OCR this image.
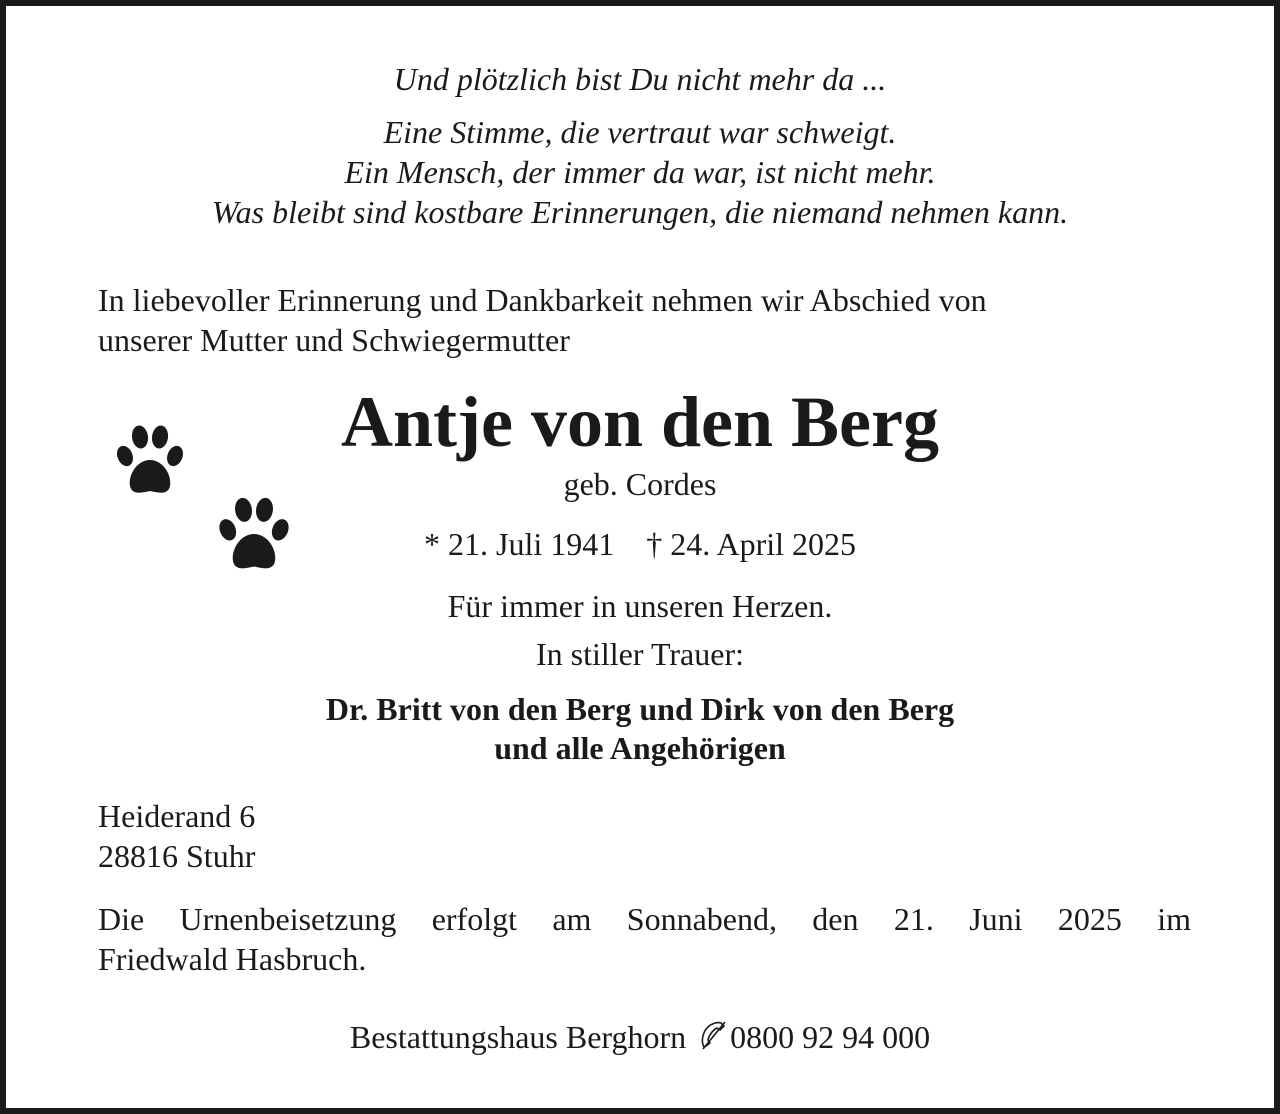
Und plötzlich bist Du nicht mehr da ...

Eine Stimme, die vertraut war schweigt.

Ein Mensch, der immer da war, ist nicht mehr.

Was bleibt sind kostbare Erinnerungen, die niemand nehmen kann.

In liebevoller Erinnerung und Dankbarkeit nehmen wir Abschied von

unserer Mutter und Schwiegermutter

Antje von den Berg

geb. Cordes

* 21. Juli 1941 † 24. April 2025

Für immer in unseren Herzen.

In stiller Trauer:

Dr. Britt von den Berg und Dirk von den Berg

und alle Angehörigen

Heiderand 6

28816 Stuhr

Die Urnenbeisetzung erfolgt am Sonnabend, den 21. Juni 2025 im

Friedwald Hasbruch.

Bestattungshaus Berghorn 0800 92 94 000
